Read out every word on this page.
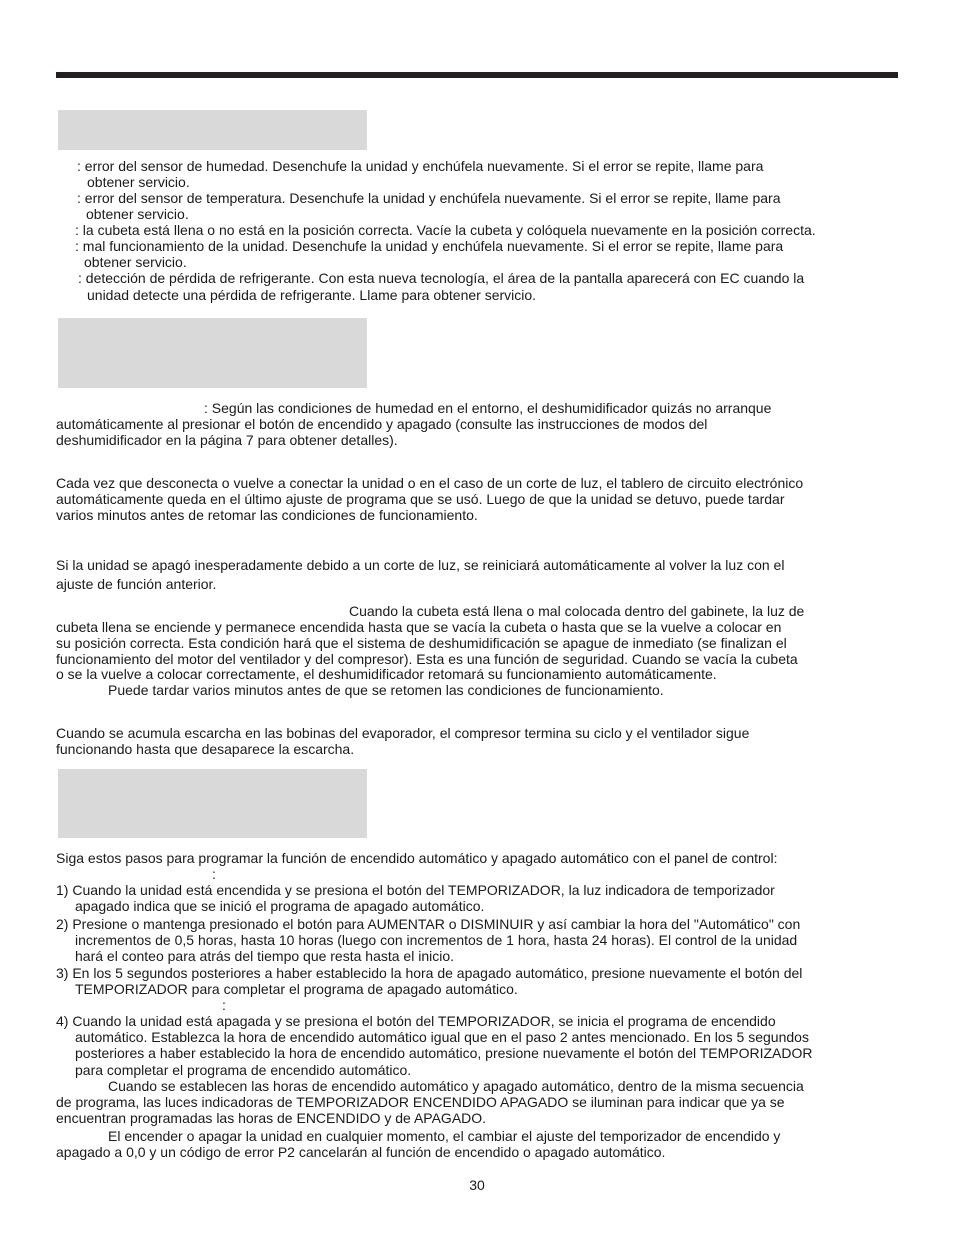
: error del sensor de humedad. Desenchufe la unidad y enchúfela nuevamente. Si el error se repite, llame para
obtener servicio.
: error del sensor de temperatura. Desenchufe la unidad y enchúfela nuevamente. Si el error se repite, llame para
obtener servicio.
: la cubeta está llena o no está en la posición correcta. Vacíe la cubeta y colóquela nuevamente en la posición correcta.
: mal funcionamiento de la unidad. Desenchufe la unidad y enchúfela nuevamente. Si el error se repite, llame para
obtener servicio.
: detección de pérdida de refrigerante. Con esta nueva tecnología, el área de la pantalla aparecerá con EC cuando la
unidad detecte una pérdida de refrigerante. Llame para obtener servicio.
: Según las condiciones de humedad en el entorno, el deshumidificador quizás no arranque
automáticamente al presionar el botón de encendido y apagado (consulte las instrucciones de modos del
deshumidificador en la página 7 para obtener detalles).
Cada vez que desconecta o vuelve a conectar la unidad o en el caso de un corte de luz, el tablero de circuito electrónico
automáticamente queda en el último ajuste de programa que se usó. Luego de que la unidad se detuvo, puede tardar
varios minutos antes de retomar las condiciones de funcionamiento.
Si la unidad se apagó inesperadamente debido a un corte de luz, se reiniciará automáticamente al volver la luz con el
ajuste de función anterior.
Cuando la cubeta está llena o mal colocada dentro del gabinete, la luz de
cubeta llena se enciende y permanece encendida hasta que se vacía la cubeta o hasta que se la vuelve a colocar en
su posición correcta. Esta condición hará que el sistema de deshumidificación se apague de inmediato (se finalizan el
funcionamiento del motor del ventilador y del compresor). Esta es una función de seguridad. Cuando se vacía la cubeta
o se la vuelve a colocar correctamente, el deshumidificador retomará su funcionamiento automáticamente.
Puede tardar varios minutos antes de que se retomen las condiciones de funcionamiento.
Cuando se acumula escarcha en las bobinas del evaporador, el compresor termina su ciclo y el ventilador sigue
funcionando hasta que desaparece la escarcha.
Siga estos pasos para programar la función de encendido automático y apagado automático con el panel de control:
:
1) Cuando la unidad está encendida y se presiona el botón del TEMPORIZADOR, la luz indicadora de temporizador
apagado indica que se inició el programa de apagado automático.
2) Presione o mantenga presionado el botón para AUMENTAR o DISMINUIR y así cambiar la hora del "Automático" con
incrementos de 0,5 horas, hasta 10 horas (luego con incrementos de 1 hora, hasta 24 horas). El control de la unidad
hará el conteo para atrás del tiempo que resta hasta el inicio.
3) En los 5 segundos posteriores a haber establecido la hora de apagado automático, presione nuevamente el botón del
TEMPORIZADOR para completar el programa de apagado automático.
:
4) Cuando la unidad está apagada y se presiona el botón del TEMPORIZADOR, se inicia el programa de encendido
automático. Establezca la hora de encendido automático igual que en el paso 2 antes mencionado. En los 5 segundos
posteriores a haber establecido la hora de encendido automático, presione nuevamente el botón del TEMPORIZADOR
para completar el programa de encendido automático.
Cuando se establecen las horas de encendido automático y apagado automático, dentro de la misma secuencia
de programa, las luces indicadoras de TEMPORIZADOR ENCENDIDO APAGADO se iluminan para indicar que ya se
encuentran programadas las horas de ENCENDIDO y de APAGADO.
El encender o apagar la unidad en cualquier momento, el cambiar el ajuste del temporizador de encendido y
apagado a 0,0 y un código de error P2 cancelarán al función de encendido o apagado automático.
30
